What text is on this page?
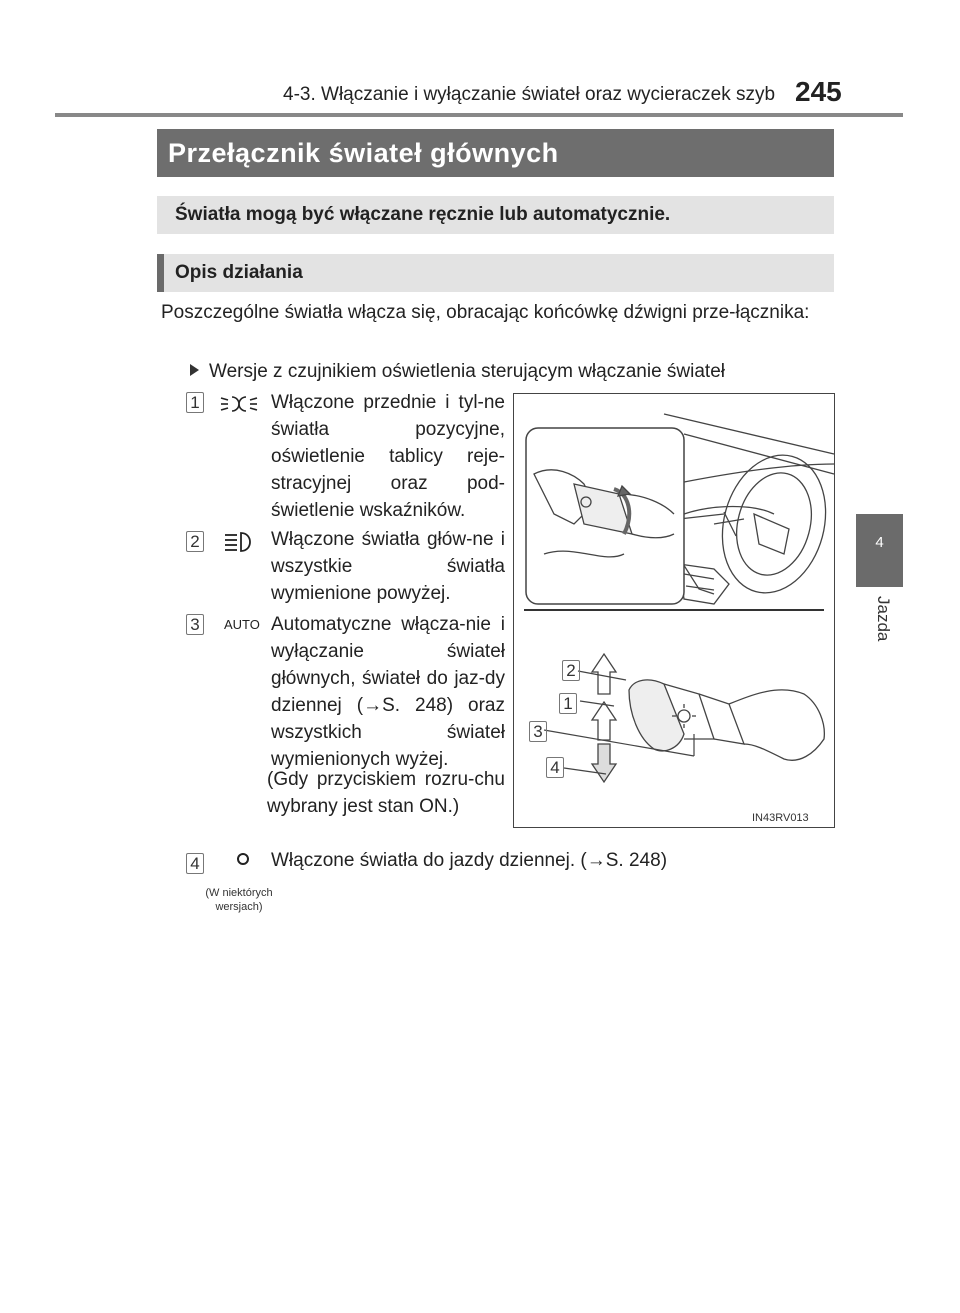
4-3. Włączanie i wyłączanie świateł oraz wycieraczek szyb 245
4
Jazda
Przełącznik świateł głównych
Światła mogą być włączane ręcznie lub automatycznie.
Opis działania
Poszczególne światła włącza się, obracając końcówkę dźwigni prze-łącznika:
Wersje z czujnikiem oświetlenia sterującym włączanie świateł
1	Włączone przednie i tyl-ne światła pozycyjne, oświetlenie tablicy reje-stracyjnej oraz pod-świetlenie wskaźników.
2	Włączone światła głów-ne i wszystkie światła wymienione powyżej.
3	AUTO Automatyczne włącza-nie i wyłączanie świateł głównych, świateł do jaz-dy dziennej (→S. 248) oraz wszystkich świateł wymienionych wyżej.
(Gdy przyciskiem rozru-chu wybrany jest stan ON.)
4	Włączone światła do jazdy dziennej. (→S. 248)
(W niektórych wersjach)
2
1
3
4
IN43RV013
